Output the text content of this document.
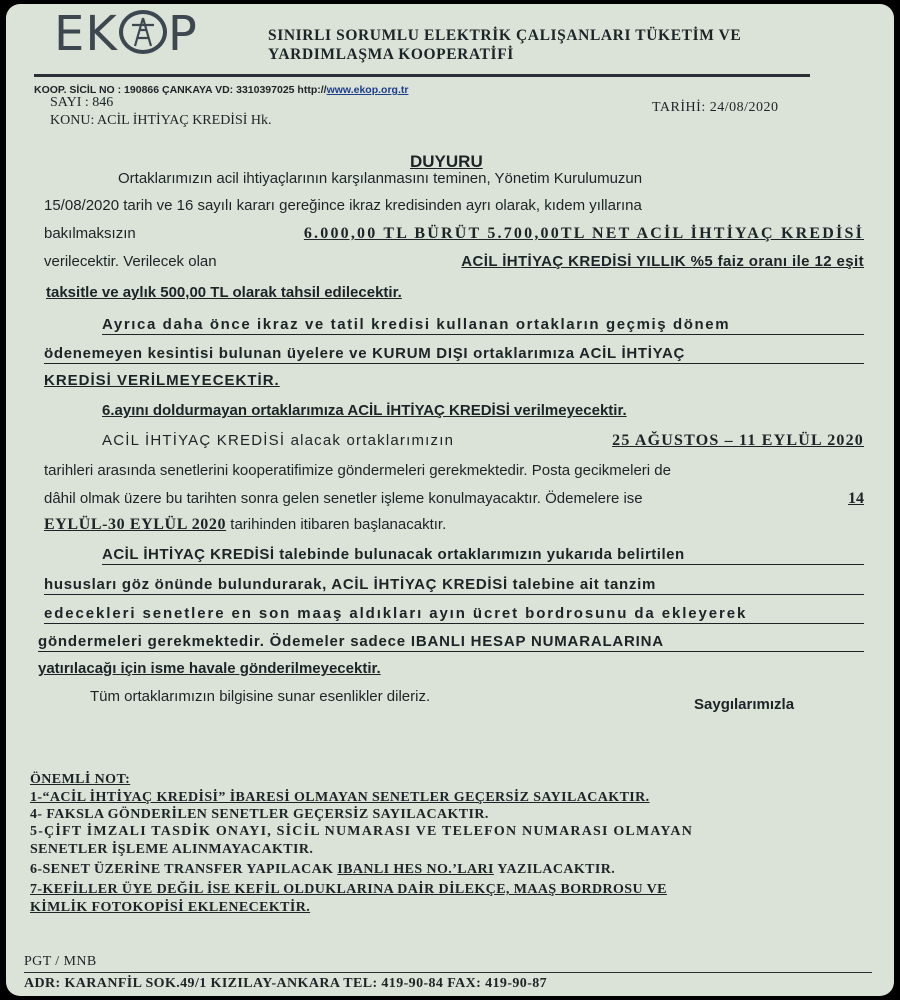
EK P	SINIRLI SORUMLU ELEKTRİK ÇALIŞANLARI TÜKETİM VE
YARDIMLAŞMA KOOPERATİFİ
KOOP. SİCİL NO : 190866 ÇANKAYA VD: 3310397025 http://www.ekop.org.tr
SAYI : 846	TARİHİ: 24/08/2020
KONU: ACİL İHTİYAÇ KREDİSİ Hk.
DUYURU
Ortaklarımızın acil ihtiyaçlarının karşılanmasını teminen, Yönetim Kurulumuzun
15/08/2020 tarih ve 16 sayılı kararı gereğince ikraz kredisinden ayrı olarak, kıdem yıllarına
bakılmaksızın	6.000,00 TL BÜRÜT 5.700,00TL NET ACİL İHTİYAÇ KREDİSİ
verilecektir. Verilecek olan	ACİL İHTİYAÇ KREDİSİ YILLIK %5 faiz oranı ile 12 eşit
taksitle ve aylık 500,00 TL olarak tahsil edilecektir.
Ayrıca daha önce ikraz ve tatil kredisi kullanan ortakların geçmiş dönem
ödenemeyen kesintisi bulunan üyelere ve KURUM DIŞI ortaklarımıza ACİL İHTİYAÇ
KREDİSİ VERİLMEYECEKTİR.
6.ayını doldurmayan ortaklarımıza ACİL İHTİYAÇ KREDİSİ verilmeyecektir.
ACİL İHTİYAÇ KREDİSİ alacak ortaklarımızın	25 AĞUSTOS – 11 EYLÜL 2020
tarihleri arasında senetlerini kooperatifimize göndermeleri gerekmektedir. Posta gecikmeleri de
dâhil olmak üzere bu tarihten sonra gelen senetler işleme konulmayacaktır. Ödemelere ise	14
EYLÜL-30 EYLÜL 2020 tarihinden itibaren başlanacaktır.
ACİL İHTİYAÇ KREDİSİ talebinde bulunacak ortaklarımızın yukarıda belirtilen
hususları göz önünde bulundurarak, ACİL İHTİYAÇ KREDİSİ talebine ait tanzim
edecekleri senetlere en son maaş aldıkları ayın ücret bordrosunu da ekleyerek
göndermeleri gerekmektedir. Ödemeler sadece IBANLI HESAP NUMARALARINA
yatırılacağı için isme havale gönderilmeyecektir.
Tüm ortaklarımızın bilgisine sunar esenlikler dileriz.	Saygılarımızla
ÖNEMLİ NOT:
1-“ACİL İHTİYAÇ KREDİSİ” İBARESİ OLMAYAN SENETLER GEÇERSİZ SAYILACAKTIR.
4- FAKSLA GÖNDERİLEN SENETLER GEÇERSİZ SAYILACAKTIR.
5-ÇİFT İMZALI TASDİK ONAYI, SİCİL NUMARASI VE TELEFON NUMARASI OLMAYAN
SENETLER İŞLEME ALINMAYACAKTIR.
6-SENET ÜZERİNE TRANSFER YAPILACAK IBANLI HES NO.’LARI YAZILACAKTIR.
7-KEFİLLER ÜYE DEĞİL İSE KEFİL OLDUKLARINA DAİR DİLEKÇE, MAAŞ BORDROSU VE
KİMLİK FOTOKOPİSİ EKLENECEKTİR.
PGT / MNB
ADR: KARANFİL SOK.49/1 KIZILAY-ANKARA TEL: 419-90-84 FAX: 419-90-87
